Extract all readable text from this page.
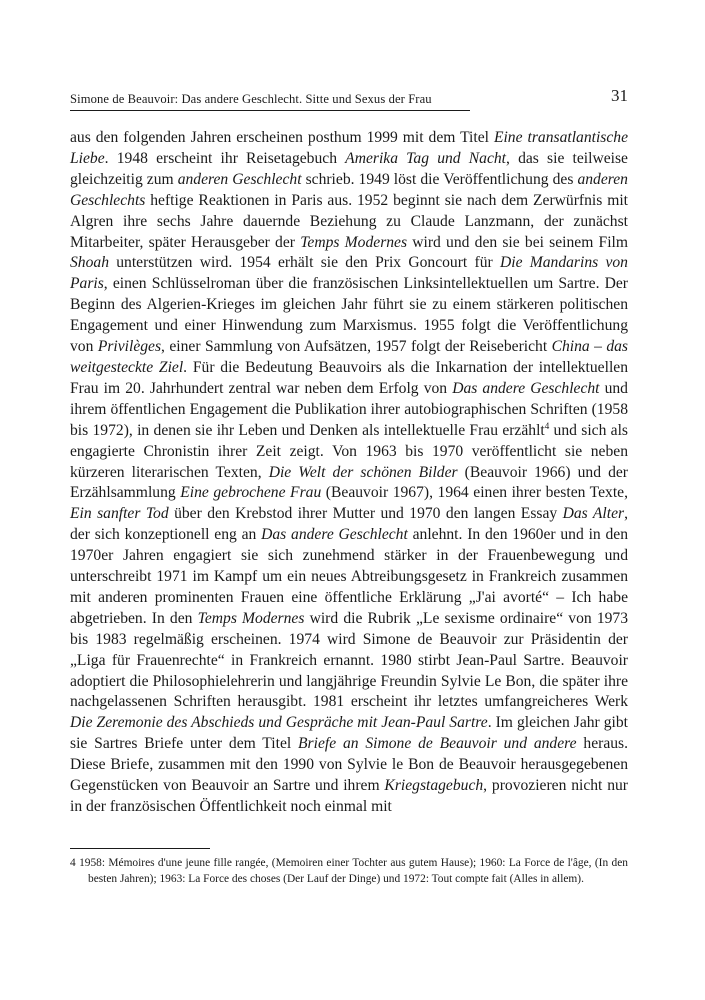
Simone de Beauvoir: Das andere Geschlecht. Sitte und Sexus der Frau	31

aus den folgenden Jahren erscheinen posthum 1999 mit dem Titel Eine transatlantische Liebe. 1948 erscheint ihr Reisetagebuch Amerika Tag und Nacht, das sie teilweise gleichzeitig zum anderen Geschlecht schrieb. 1949 löst die Veröffentlichung des anderen Geschlechts heftige Reaktionen in Paris aus. 1952 beginnt sie nach dem Zerwürfnis mit Algren ihre sechs Jahre dauernde Beziehung zu Claude Lanzmann, der zunächst Mitarbeiter, später Herausgeber der Temps Modernes wird und den sie bei seinem Film Shoah unterstützen wird. 1954 erhält sie den Prix Goncourt für Die Mandarins von Paris, einen Schlüsselroman über die französischen Linksintellektuellen um Sartre. Der Beginn des Algerien-Krieges im gleichen Jahr führt sie zu einem stärkeren politischen Engagement und einer Hinwendung zum Marxismus. 1955 folgt die Veröffentlichung von Privilèges, einer Sammlung von Aufsätzen, 1957 folgt der Reisebericht China – das weitgesteckte Ziel. Für die Bedeutung Beauvoirs als die Inkarnation der intellektuellen Frau im 20. Jahrhundert zentral war neben dem Erfolg von Das andere Geschlecht und ihrem öffentlichen Engagement die Publikation ihrer autobiographischen Schriften (1958 bis 1972), in denen sie ihr Leben und Denken als intellektuelle Frau erzählt$^4$ und sich als engagierte Chronistin ihrer Zeit zeigt. Von 1963 bis 1970 veröffentlicht sie neben kürzeren literarischen Texten, Die Welt der schönen Bilder (Beauvoir 1966) und der Erzählsammlung Eine gebrochene Frau (Beauvoir 1967), 1964 einen ihrer besten Texte, Ein sanfter Tod über den Krebstod ihrer Mutter und 1970 den langen Essay Das Alter, der sich konzeptionell eng an Das andere Geschlecht anlehnt. In den 1960er und in den 1970er Jahren engagiert sie sich zunehmend stärker in der Frauenbewegung und unterschreibt 1971 im Kampf um ein neues Abtreibungsgesetz in Frankreich zusammen mit anderen prominenten Frauen eine öffentliche Erklärung „J'ai avorté“ – Ich habe abgetrieben. In den Temps Modernes wird die Rubrik „Le sexisme ordinaire“ von 1973 bis 1983 regelmäßig erscheinen. 1974 wird Simone de Beauvoir zur Präsidentin der „Liga für Frauenrechte“ in Frankreich ernannt. 1980 stirbt Jean-Paul Sartre. Beauvoir adoptiert die Philosophielehrerin und langjährige Freundin Sylvie Le Bon, die später ihre nachgelassenen Schriften herausgibt. 1981 erscheint ihr letztes umfangreicheres Werk Die Zeremonie des Abschieds und Gespräche mit Jean-Paul Sartre. Im gleichen Jahr gibt sie Sartres Briefe unter dem Titel Briefe an Simone de Beauvoir und andere heraus. Diese Briefe, zusammen mit den 1990 von Sylvie le Bon de Beauvoir herausgegebenen Gegenstücken von Beauvoir an Sartre und ihrem Kriegstagebuch, provozieren nicht nur in der französischen Öffentlichkeit noch einmal mit

4 1958: Mémoires d'une jeune fille rangée, (Memoiren einer Tochter aus gutem Hause); 1960: La Force de l'âge, (In den besten Jahren); 1963: La Force des choses (Der Lauf der Dinge) und 1972: Tout compte fait (Alles in allem).
